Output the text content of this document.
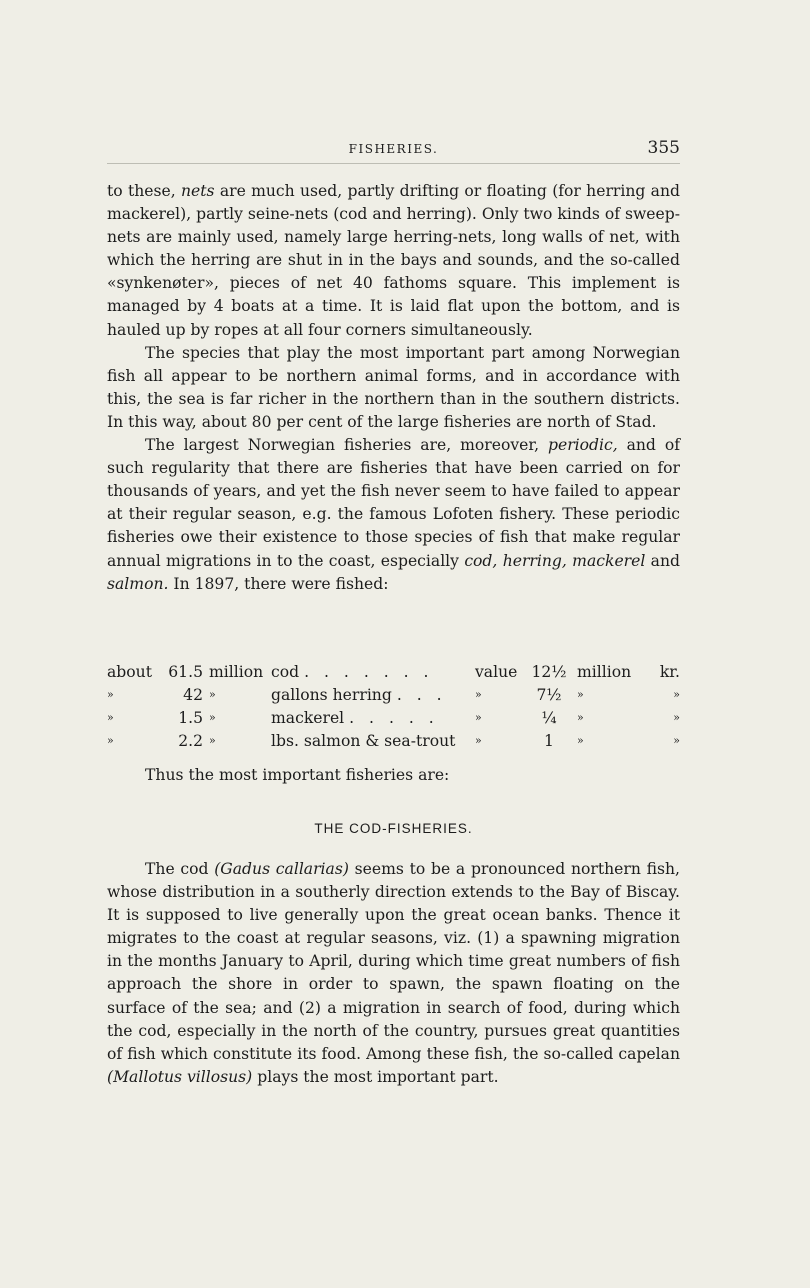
FISHERIES.	355

to these, nets are much used, partly drifting or floating (for herring and mackerel), partly seine-nets (cod and herring). Only two kinds of sweep-nets are mainly used, namely large herring-nets, long walls of net, with which the herring are shut in in the bays and sounds, and the so-called «synkenøter», pieces of net 40 fathoms square. This implement is managed by 4 boats at a time. It is laid flat upon the bottom, and is hauled up by ropes at all four corners simultaneously.

The species that play the most important part among Norwegian fish all appear to be northern animal forms, and in accordance with this, the sea is far richer in the northern than in the southern districts. In this way, about 80 per cent of the large fisheries are north of Stad.

The largest Norwegian fisheries are, moreover, periodic, and of such regularity that there are fisheries that have been carried on for thousands of years, and yet the fish never seem to have failed to appear at their regular season, e.g. the famous Lofoten fishery. These periodic fisheries owe their existence to those species of fish that make regular annual migrations in to the coast, especially cod, herring, mackerel and salmon. In 1897, there were fished:

about	61.5	million	cod . . . . . . .	value	12½	million	kr.
»	42	»	gallons herring . . .	»	7½	»	»
»	1.5	»	mackerel . . . . .	»	¼	»	»
»	2.2	»	lbs. salmon & sea-trout	»	1	»	»
Thus the most important fisheries are:
THE COD-FISHERIES.

The cod (Gadus callarias) seems to be a pronounced northern fish, whose distribution in a southerly direction extends to the Bay of Biscay. It is supposed to live generally upon the great ocean banks. Thence it migrates to the coast at regular seasons, viz. (1) a spawning migration in the months January to April, during which time great numbers of fish approach the shore in order to spawn, the spawn floating on the surface of the sea; and (2) a migration in search of food, during which the cod, especially in the north of the country, pursues great quantities of fish which constitute its food. Among these fish, the so-called capelan (Mallotus villosus) plays the most important part.
